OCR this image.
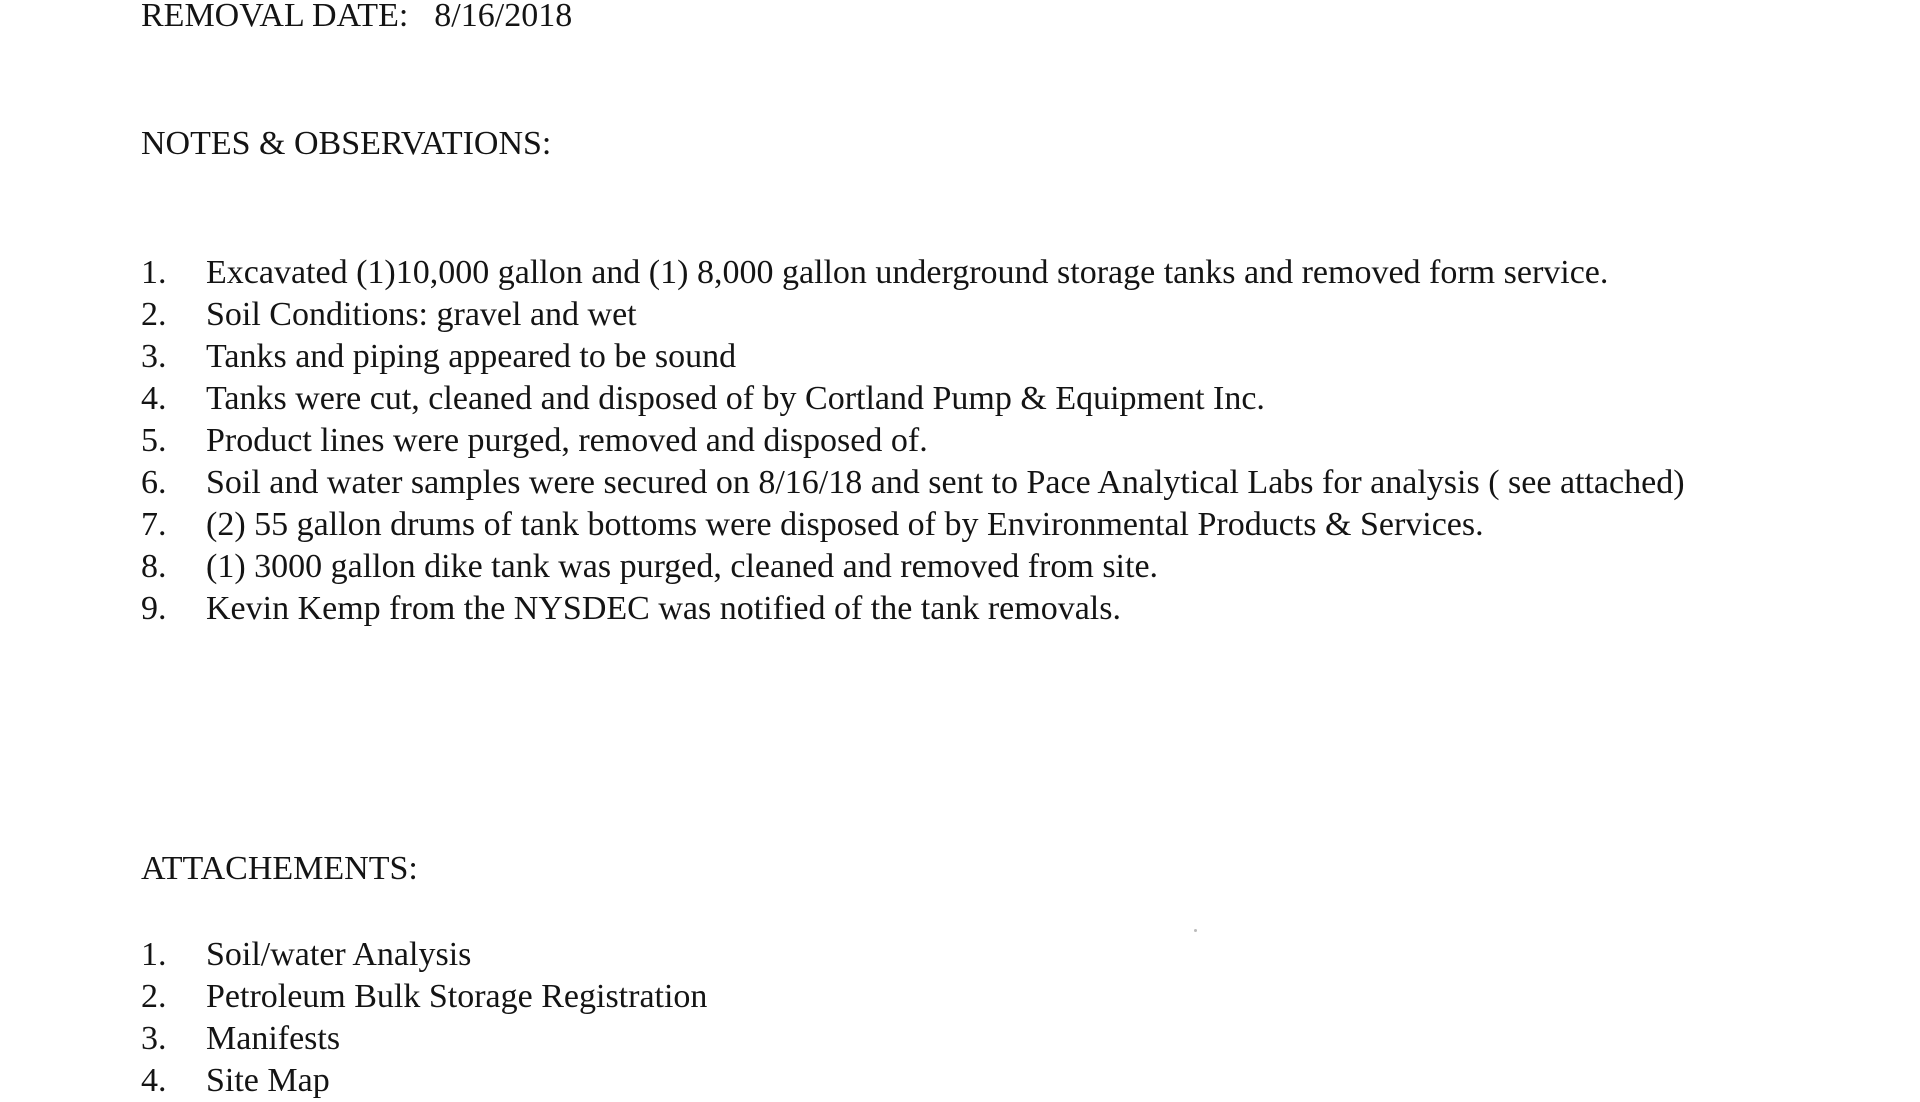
REMOVAL DATE: 8/16/2018
NOTES & OBSERVATIONS:
1.	Excavated (1)10,000 gallon and (1) 8,000 gallon underground storage tanks and removed form service.
2.	Soil Conditions: gravel and wet
3.	Tanks and piping appeared to be sound
4.	Tanks were cut, cleaned and disposed of by Cortland Pump & Equipment Inc.
5.	Product lines were purged, removed and disposed of.
6.	Soil and water samples were secured on 8/16/18 and sent to Pace Analytical Labs for analysis ( see attached)
7.	(2) 55 gallon drums of tank bottoms were disposed of by Environmental Products & Services.
8.	(1) 3000 gallon dike tank was purged, cleaned and removed from site.
9.	Kevin Kemp from the NYSDEC was notified of the tank removals.
ATTACHEMENTS:
1.	Soil/water Analysis
2.	Petroleum Bulk Storage Registration
3.	Manifests
4.	Site Map
